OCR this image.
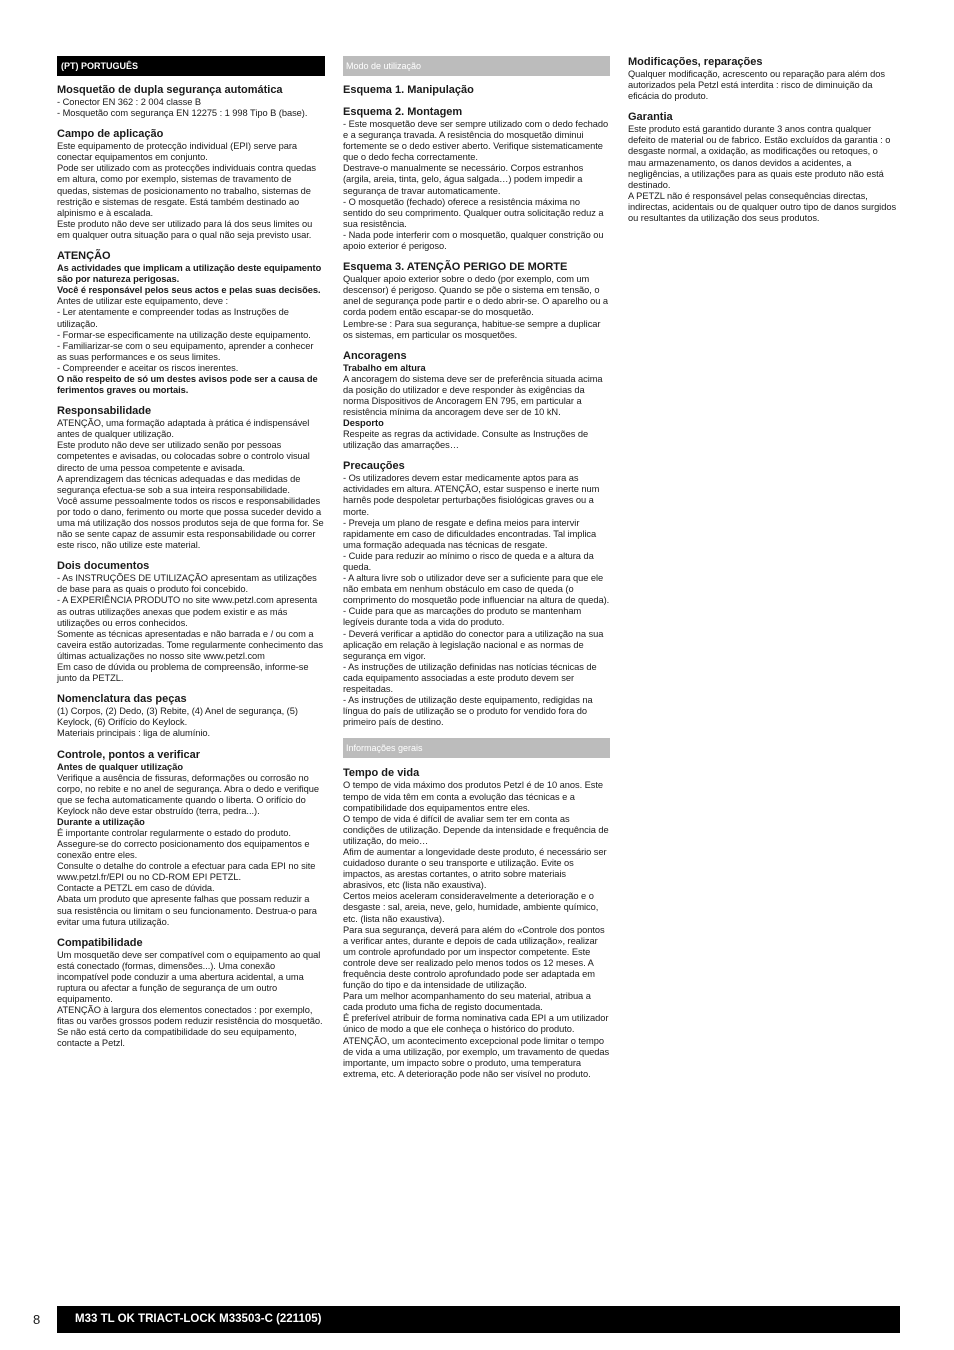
(PT) PORTUGUÊS
Mosquetão de dupla segurança automática

- Conector EN 362 : 2 004 classe B
- Mosquetão com segurança EN 12275 : 1 998 Tipo B (base).

Campo de aplicação

Este equipamento de protecção individual (EPI) serve para conectar equipamentos em conjunto.
Pode ser utilizado com as protecções individuais contra quedas em altura, como por exemplo, sistemas de travamento de quedas, sistemas de posicionamento no trabalho, sistemas de restrição e sistemas de resgate. Está também destinado ao alpinismo e à escalada.
Este produto não deve ser utilizado para lá dos seus limites ou em qualquer outra situação para o qual não seja previsto usar.

ATENÇÃO

As actividades que implicam a utilização deste equipamento são por natureza perigosas.
Você é responsável pelos seus actos e pelas suas decisões.

Antes de utilizar este equipamento, deve :
- Ler atentamente e compreender todas as Instruções de utilização.
- Formar-se especificamente na utilização deste equipamento.
- Familiarizar-se com o seu equipamento, aprender a conhecer as suas performances e os seus limites.
- Compreender e aceitar os riscos inerentes.

O não respeito de só um destes avisos pode ser a causa de ferimentos graves ou mortais.

Responsabilidade

ATENÇÃO, uma formação adaptada à prática é indispensável antes de qualquer utilização.
Este produto não deve ser utilizado senão por pessoas competentes e avisadas, ou colocadas sobre o controlo visual directo de uma pessoa competente e avisada.
A aprendizagem das técnicas adequadas e das medidas de segurança efectua-se sob a sua inteira responsabilidade.
Você assume pessoalmente todos os riscos e responsabilidades por todo o dano, ferimento ou morte que possa suceder devido a uma má utilização dos nossos produtos seja de que forma for. Se não se sente capaz de assumir esta responsabilidade ou correr este risco, não utilize este material.

Dois documentos

- As INSTRUÇÕES DE UTILIZAÇÃO apresentam as utilizações de base para as quais o produto foi concebido.
- A EXPERIÊNCIA PRODUTO no site www.petzl.com apresenta as outras utilizações anexas que podem existir e as más utilizações ou erros conhecidos.
Somente as técnicas apresentadas e não barrada e / ou com a caveira estão autorizadas. Tome regularmente conhecimento das últimas actualizações no nosso site www.petzl.com
Em caso de dúvida ou problema de compreensão, informe-se junto da PETZL.

Nomenclatura das peças

(1) Corpos, (2) Dedo, (3) Rebite, (4) Anel de segurança, (5) Keylock, (6) Orifício do Keylock.
Materiais principais : liga de alumínio.

Controle, pontos a verificar
Antes de qualquer utilização

Verifique a ausência de fissuras, deformações ou corrosão no corpo, no rebite e no anel de segurança. Abra o dedo e verifique que se fecha automaticamente quando o liberta. O orifício do Keylock não deve estar obstruído (terra, pedra...).

Durante a utilização

É importante controlar regularmente o estado do produto. Assegure-se do correcto posicionamento dos equipamentos e conexão entre eles.
Consulte o detalhe do controle a efectuar para cada EPI no site www.petzl.fr/EPI ou no CD-ROM EPI PETZL.
Contacte a PETZL em caso de dúvida.
Abata um produto que apresente falhas que possam reduzir a sua resistência ou limitam o seu funcionamento. Destrua-o para evitar uma futura utilização.

Compatibilidade

Um mosquetão deve ser compatível com o equipamento ao qual está conectado (formas, dimensões...). Uma conexão incompatível pode conduzir a uma abertura acidental, a uma ruptura ou afectar a função de segurança de um outro equipamento.
ATENÇÃO à largura dos elementos conectados : por exemplo, fitas ou varões grossos podem reduzir resistência do mosquetão.
Se não está certo da compatibilidade do seu equipamento, contacte a Petzl.

Modo de utilização
Esquema 1. Manipulação
Esquema 2. Montagem

- Este mosquetão deve ser sempre utilizado com o dedo fechado e a segurança travada. A resistência do mosquetão diminui fortemente se o dedo estiver aberto. Verifique sistematicamente que o dedo fecha correctamente.
Destrave-o manualmente se necessário. Corpos estranhos (argila, areia, tinta, gelo, água salgada…) podem impedir a segurança de travar automaticamente.
- O mosquetão (fechado) oferece a resistência máxima no sentido do seu comprimento. Qualquer outra solicitação reduz a sua resistência.
- Nada pode interferir com o mosquetão, qualquer constrição ou apoio exterior é perigoso.

Esquema 3. ATENÇÃO PERIGO DE MORTE

Qualquer apoio exterior sobre o dedo (por exemplo, com um descensor) é perigoso. Quando se põe o sistema em tensão, o anel de segurança pode partir e o dedo abrir-se. O aparelho ou a corda podem então escapar-se do mosquetão.
Lembre-se : Para sua segurança, habitue-se sempre a duplicar os sistemas, em particular os mosquetões.

Ancoragens
Trabalho em altura

A ancoragem do sistema deve ser de preferência situada acima da posição do utilizador e deve responder às exigências da norma Dispositivos de Ancoragem EN 795, em particular a resistência mínima da ancoragem deve ser de 10 kN.

Desporto

Respeite as regras da actividade. Consulte as Instruções de utilização das amarrações…

Precauções

- Os utilizadores devem estar medicamente aptos para as actividades em altura. ATENÇÃO, estar suspenso e inerte num harnês pode despoletar perturbações fisiológicas graves ou a morte.
- Preveja um plano de resgate e defina meios para intervir rapidamente em caso de dificuldades encontradas. Tal implica uma formação adequada nas técnicas de resgate.
- Cuide para reduzir ao mínimo o risco de queda e a altura da queda.
- A altura livre sob o utilizador deve ser a suficiente para que ele não embata em nenhum obstáculo em caso de queda (o comprimento do mosquetão pode influenciar na altura de queda).
- Cuide para que as marcações do produto se mantenham legíveis durante toda a vida do produto.
- Deverá verificar a aptidão do conector para a utilização na sua aplicação em relação à legislação nacional e as normas de segurança em vigor.
- As instruções de utilização definidas nas notícias técnicas de cada equipamento associadas a este produto devem ser respeitadas.
- As instruções de utilização deste equipamento, redigidas na língua do país de utilização se o produto for vendido fora do primeiro país de destino.

Informações gerais
Tempo de vida

O tempo de vida máximo dos produtos Petzl é de 10 anos. Este tempo de vida têm em conta a evolução das técnicas e a compatibilidade dos equipamentos entre eles.
O tempo de vida é difícil de avaliar sem ter em conta as condições de utilização. Depende da intensidade e frequência de utilização, do meio…
Afim de aumentar a longevidade deste produto, é necessário ser cuidadoso durante o seu transporte e utilização. Evite os impactos, as arestas cortantes, o atrito sobre materiais abrasivos, etc (lista não exaustiva).
Certos meios aceleram consideravelmente a deterioração e o desgaste : sal, areia, neve, gelo, humidade, ambiente químico, etc. (lista não exaustiva).
Para sua segurança, deverá para além do «Controle dos pontos a verificar antes, durante e depois de cada utilização», realizar um controle aprofundado por um inspector competente. Este controle deve ser realizado pelo menos todos os 12 meses. A frequência deste controlo aprofundado pode ser adaptada em função do tipo e da intensidade de utilização.
Para um melhor acompanhamento do seu material, atribua a cada produto uma ficha de registo documentada.
É preferível atribuir de forma nominativa cada EPI a um utilizador único de modo a que ele conheça o histórico do produto.
ATENÇÃO, um acontecimento excepcional pode limitar o tempo de vida a uma utilização, por exemplo, um travamento de quedas importante, um impacto sobre o produto, uma temperatura extrema, etc. A deterioração pode não ser visível no produto.

Modificações, reparações

Qualquer modificação, acrescento ou reparação para além dos autorizados pela Petzl está interdita : risco de diminuição da eficácia do produto.

Garantia

Este produto está garantido durante 3 anos contra qualquer defeito de material ou de fabrico. Estão excluídos da garantia : o desgaste normal, a oxidação, as modificações ou retoques, o mau armazenamento, os danos devidos a acidentes, a negligências, a utilizações para as quais este produto não está destinado.
A PETZL não é responsável pelas consequências directas, indirectas, acidentais ou de qualquer outro tipo de danos surgidos ou resultantes da utilização dos seus produtos.

8	M33 TL OK TRIACT-LOCK M33503-C (221105)
